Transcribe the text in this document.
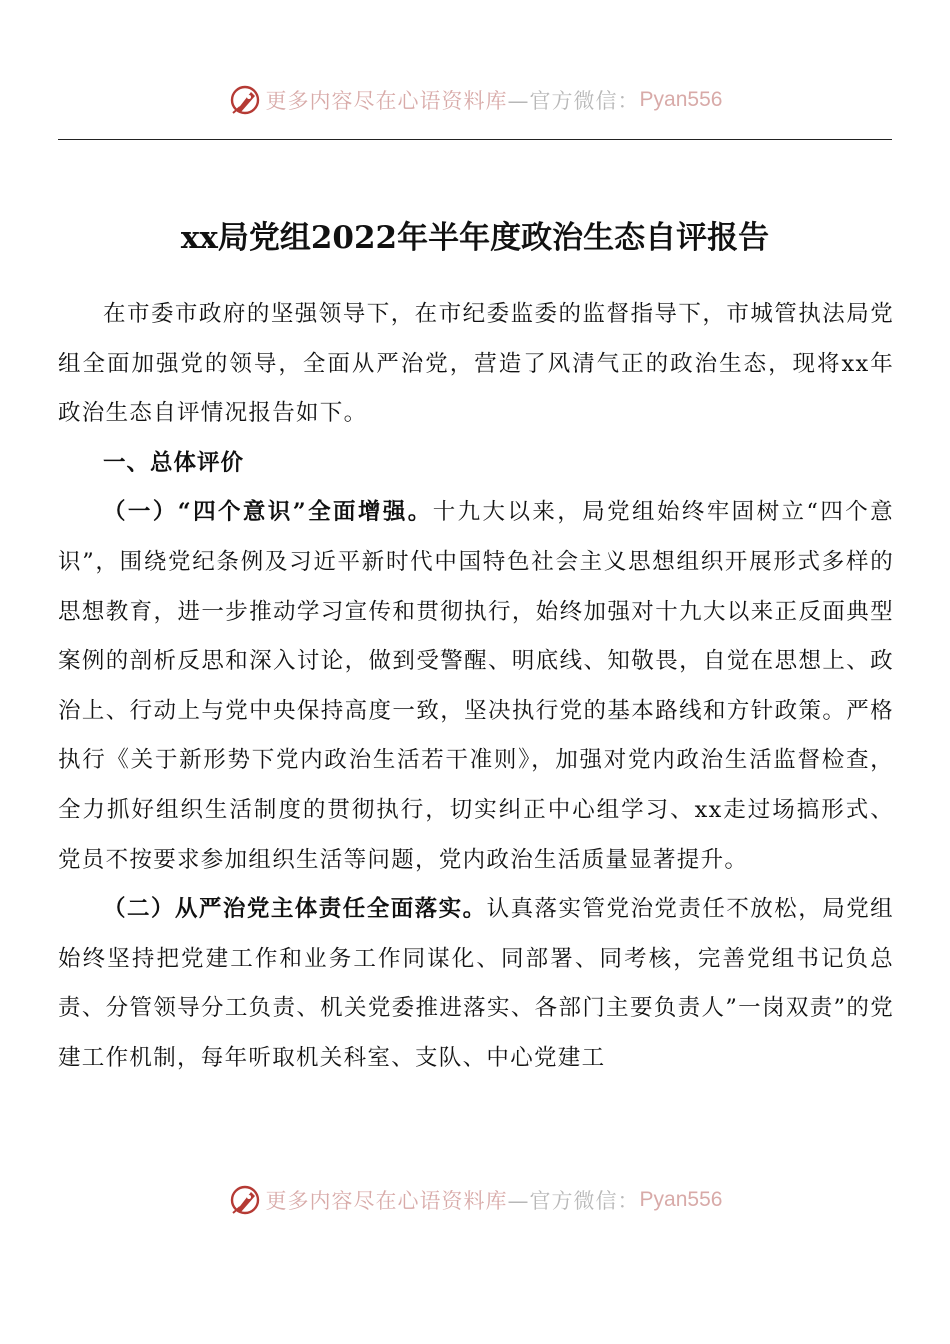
更多内容尽在心语资料库 —官方微信： Pyan556
xx局党组2022年半年度政治生态自评报告

在市委市政府的坚强领导下，在市纪委监委的监督指导下，市城管执法局党组全面加强党的领导，全面从严治党，营造了风清气正的政治生态，现将xx年政治生态自评情况报告如下。

一、总体评价

（一）“四个意识”全面增强。十九大以来，局党组始终牢固树立“四个意识”，围绕党纪条例及习近平新时代中国特色社会主义思想组织开展形式多样的思想教育，进一步推动学习宣传和贯彻执行，始终加强对十九大以来正反面典型案例的剖析反思和深入讨论，做到受警醒、明底线、知敬畏，自觉在思想上、政治上、行动上与党中央保持高度一致，坚决执行党的基本路线和方针政策。严格执行《关于新形势下党内政治生活若干准则》，加强对党内政治生活监督检查，全力抓好组织生活制度的贯彻执行，切实纠正中心组学习、xx走过场搞形式、党员不按要求参加组织生活等问题，党内政治生活质量显著提升。

（二）从严治党主体责任全面落实。认真落实管党治党责任不放松，局党组始终坚持把党建工作和业务工作同谋化、同部署、同考核，完善党组书记负总责、分管领导分工负责、机关党委推进落实、各部门主要负责人”一岗双责”的党建工作机制，每年听取机关科室、支队、中心党建工

更多内容尽在心语资料库 —官方微信： Pyan556
